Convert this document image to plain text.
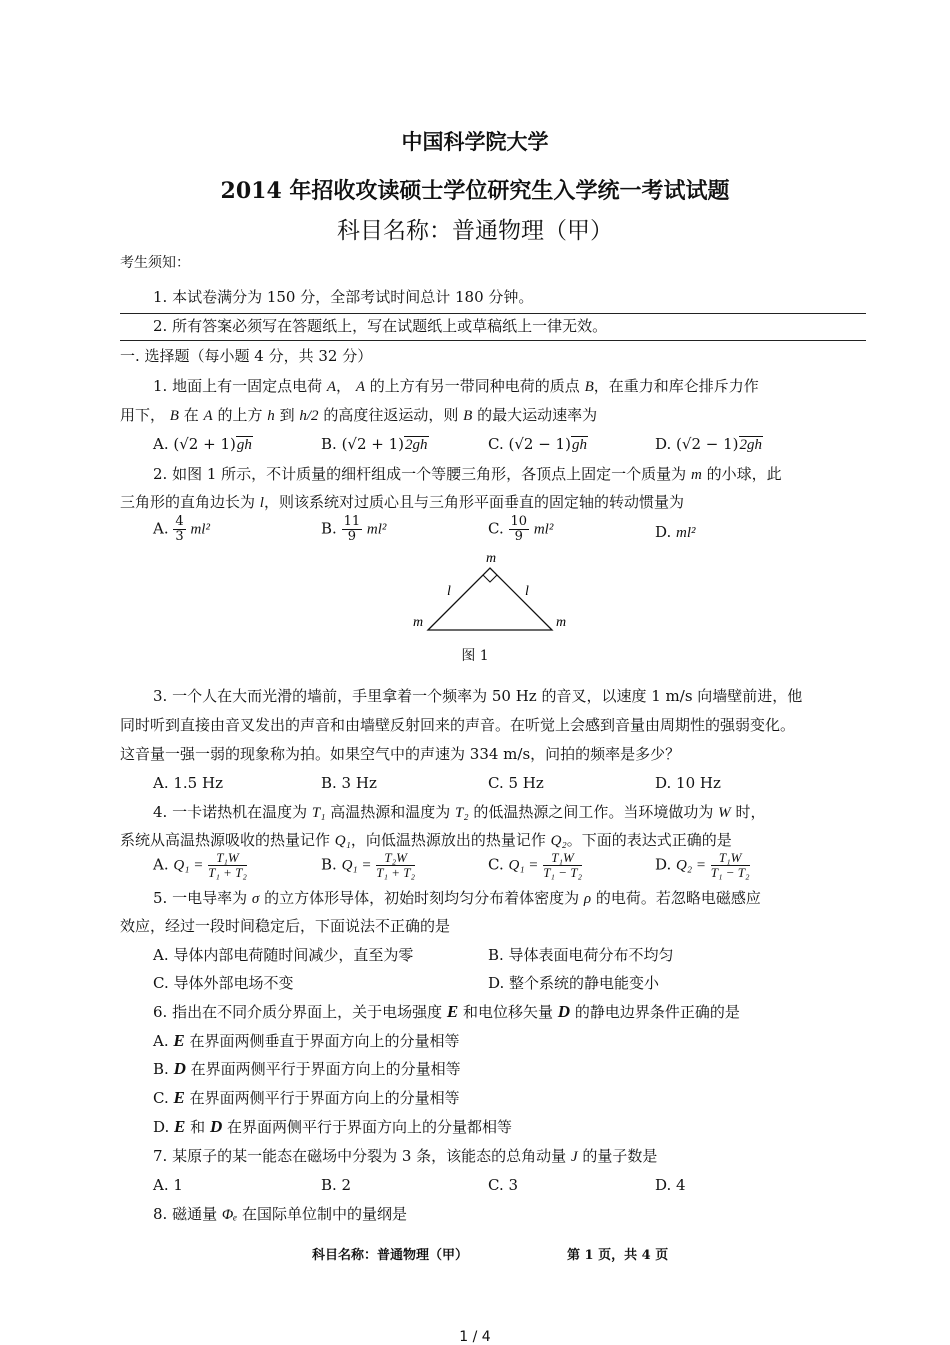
中国科学院大学
2014 年招收攻读硕士学位研究生入学统一考试试题
科目名称：普通物理（甲）
考生须知：
1. 本试卷满分为 150 分，全部考试时间总计 180 分钟。
2. 所有答案必须写在答题纸上，写在试题纸上或草稿纸上一律无效。
一. 选择题（每小题 4 分，共 32 分）
1. 地面上有一固定点电荷 A， A 的上方有另一带同种电荷的质点 B，在重力和库仑排斥力作
用下， B 在 A 的上方 h 到 h/2 的高度往返运动，则 B 的最大运动速率为
A. (√2 + 1)gh	B. (√2 + 1)2gh	C. (√2 − 1)gh	D. (√2 − 1)2gh
2. 如图 1 所示，不计质量的细杆组成一个等腰三角形，各顶点上固定一个质量为 m 的小球，此
三角形的直角边长为 l，则该系统对过质心且与三角形平面垂直的固定轴的转动惯量为
A. $\frac{4}{3} ml^2$	B. $\frac{11}{9} ml^2$	C. $\frac{10}{9} ml^2$	D. ml²
m
m	m
l	l
图 1
3. 一个人在大而光滑的墙前，手里拿着一个频率为 50 Hz 的音叉，以速度 1 m/s 向墙壁前进，他
同时听到直接由音叉发出的声音和由墙壁反射回来的声音。在听觉上会感到音量由周期性的强弱变化。
这音量一强一弱的现象称为拍。如果空气中的声速为 334 m/s，问拍的频率是多少？
A. 1.5 Hz	B. 3 Hz	C. 5 Hz	D. 10 Hz
4. 一卡诺热机在温度为 T₁ 高温热源和温度为 T₂ 的低温热源之间工作。当环境做功为 W 时，
系统从高温热源吸收的热量记作 Q₁，向低温热源放出的热量记作 Q₂。下面的表达式正确的是
A. $Q_1 = \frac{\text{T₁W}}{\text{T₁ + T₂}}$	B. $Q_1 = \frac{\text{T₂W}}{\text{T₁ + T₂}}$	C. $Q_1 = \frac{\text{T₁W}}{\text{T₁ − T₂}}$	D. $Q_2 = \frac{\text{T₁W}}{\text{T₁ − T₂}}$
5. 一电导率为 σ 的立方体形导体，初始时刻均匀分布着体密度为 ρ 的电荷。若忽略电磁感应
效应，经过一段时间稳定后，下面说法不正确的是
A. 导体内部电荷随时间减少，直至为零	B. 导体表面电荷分布不均匀
C. 导体外部电场不变	D. 整个系统的静电能变小
6. 指出在不同介质分界面上，关于电场强度 E 和电位移矢量 D 的静电边界条件正确的是
A. E 在界面两侧垂直于界面方向上的分量相等
B. D 在界面两侧平行于界面方向上的分量相等
C. E 在界面两侧平行于界面方向上的分量相等
D. E 和 D 在界面两侧平行于界面方向上的分量都相等
7. 某原子的某一能态在磁场中分裂为 3 条，该能态的总角动量 J 的量子数是
A. 1	B. 2	C. 3	D. 4
8. 磁通量 Φₑ 在国际单位制中的量纲是
科目名称：普通物理（甲）	第 1 页，共 4 页
1 / 4
